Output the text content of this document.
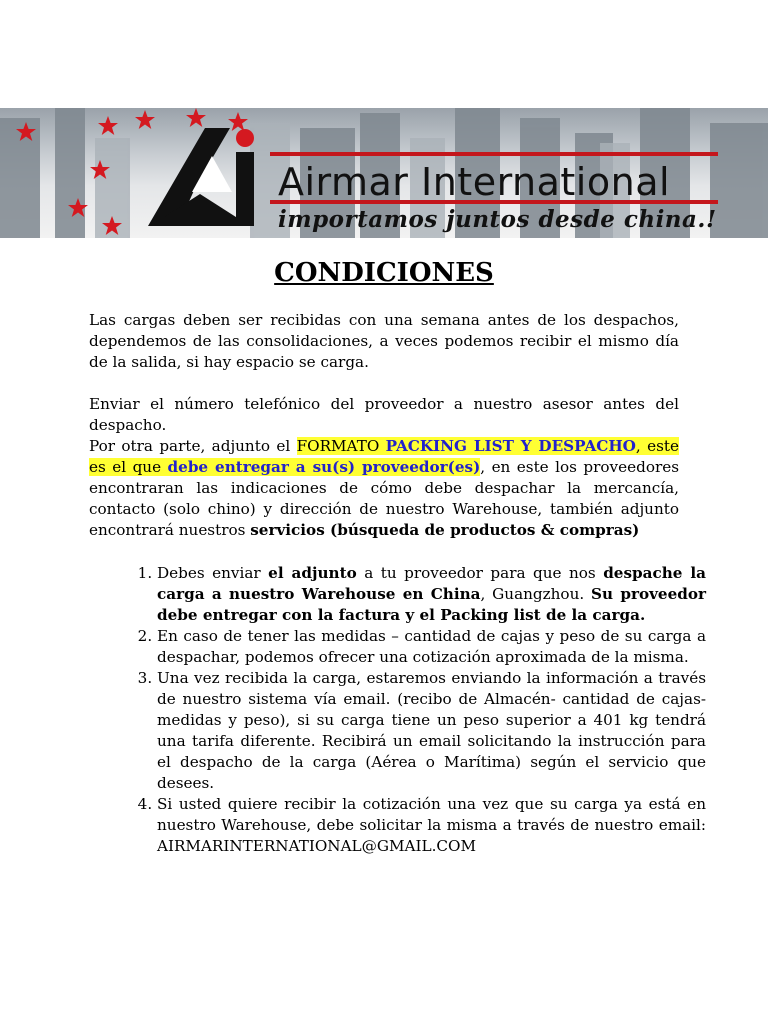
Airmar International
importamos juntos desde china.!
CONDICIONES

Las cargas deben ser recibidas con una semana antes de los despachos, dependemos de las consolidaciones, a veces podemos recibir el mismo día de la salida, si hay espacio se carga.

Enviar el número telefónico del proveedor a nuestro asesor antes del despacho.

Por otra parte, adjunto el FORMATO PACKING LIST Y DESPACHO, este es el que debe entregar a su(s) proveedor(es), en este los proveedores encontraran las indicaciones de cómo debe despachar la mercancía, contacto (solo chino) y dirección de nuestro Warehouse, también adjunto encontrará nuestros servicios (búsqueda de productos & compras)

1. Debes enviar el adjunto a tu proveedor para que nos despache la carga a nuestro Warehouse en China, Guangzhou. Su proveedor debe entregar con la factura y el Packing list de la carga.
2. En caso de tener las medidas – cantidad de cajas y peso de su carga a despachar, podemos ofrecer una cotización aproximada de la misma.
3. Una vez recibida la carga, estaremos enviando la información a través de nuestro sistema vía email. (recibo de Almacén- cantidad de cajas- medidas y peso), si su carga tiene un peso superior a 401 kg tendrá una tarifa diferente. Recibirá un email solicitando la instrucción para el despacho de la carga (Aérea o Marítima) según el servicio que desees.
4. Si usted quiere recibir la cotización una vez que su carga ya está en nuestro Warehouse, debe solicitar la misma a través de nuestro email: AIRMARINTERNATIONAL@GMAIL.COM
